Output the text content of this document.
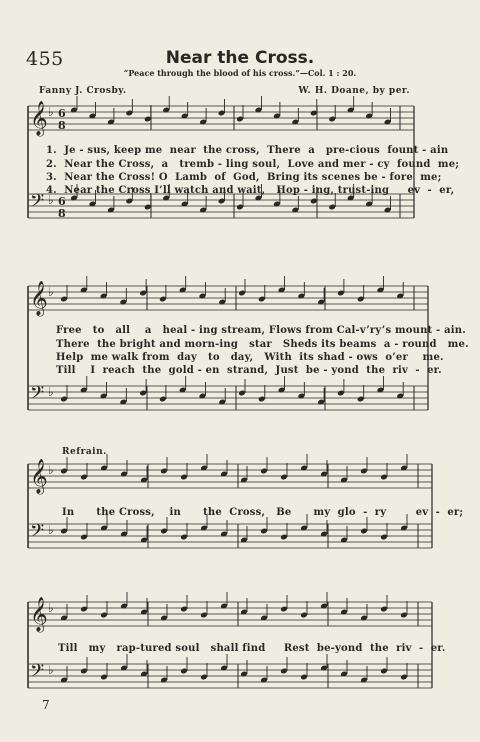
𝄞 ♭ 6
8
𝄢 ♭ 6
8
𝄞 ♭
𝄢 ♭
𝄞 ♭
𝄢 ♭
𝄞 ♭
𝄢 ♭
455	Near the Cross.
“Peace through the blood of his cross.”—Col. 1 : 20.
Fanny J. Crosby.	W. H. Doane, by per.
1.  Je - sus, keep me  near  the cross,  There  a   pre-cious  fount - ain
2.  Near the Cross,  a   tremb - ling soul,  Love and mer - cy  found  me;
3.  Near the Cross! O  Lamb  of  God,  Bring its scenes be - fore  me;
4.  Near the Cross I’ll watch and wait,   Hop - ing, trust-ing     ev  -  er,
Free   to   all    a   heal - ing stream, Flows from Cal-v’ry’s mount - ain.
There  the bright and morn-ing   star   Sheds its beams  a - round   me.
Help  me walk from  day   to   day,   With  its shad - ows  o’er    me.
Till    I  reach  the  gold - en  strand,  Just  be - yond  the  riv  -  er.
Refrain.
In      the Cross,    in      the  Cross,   Be      my  glo  -  ry        ev  -  er;
Till   my   rap-tured soul   shall find     Rest  be-yond  the  riv  -  er.
7
